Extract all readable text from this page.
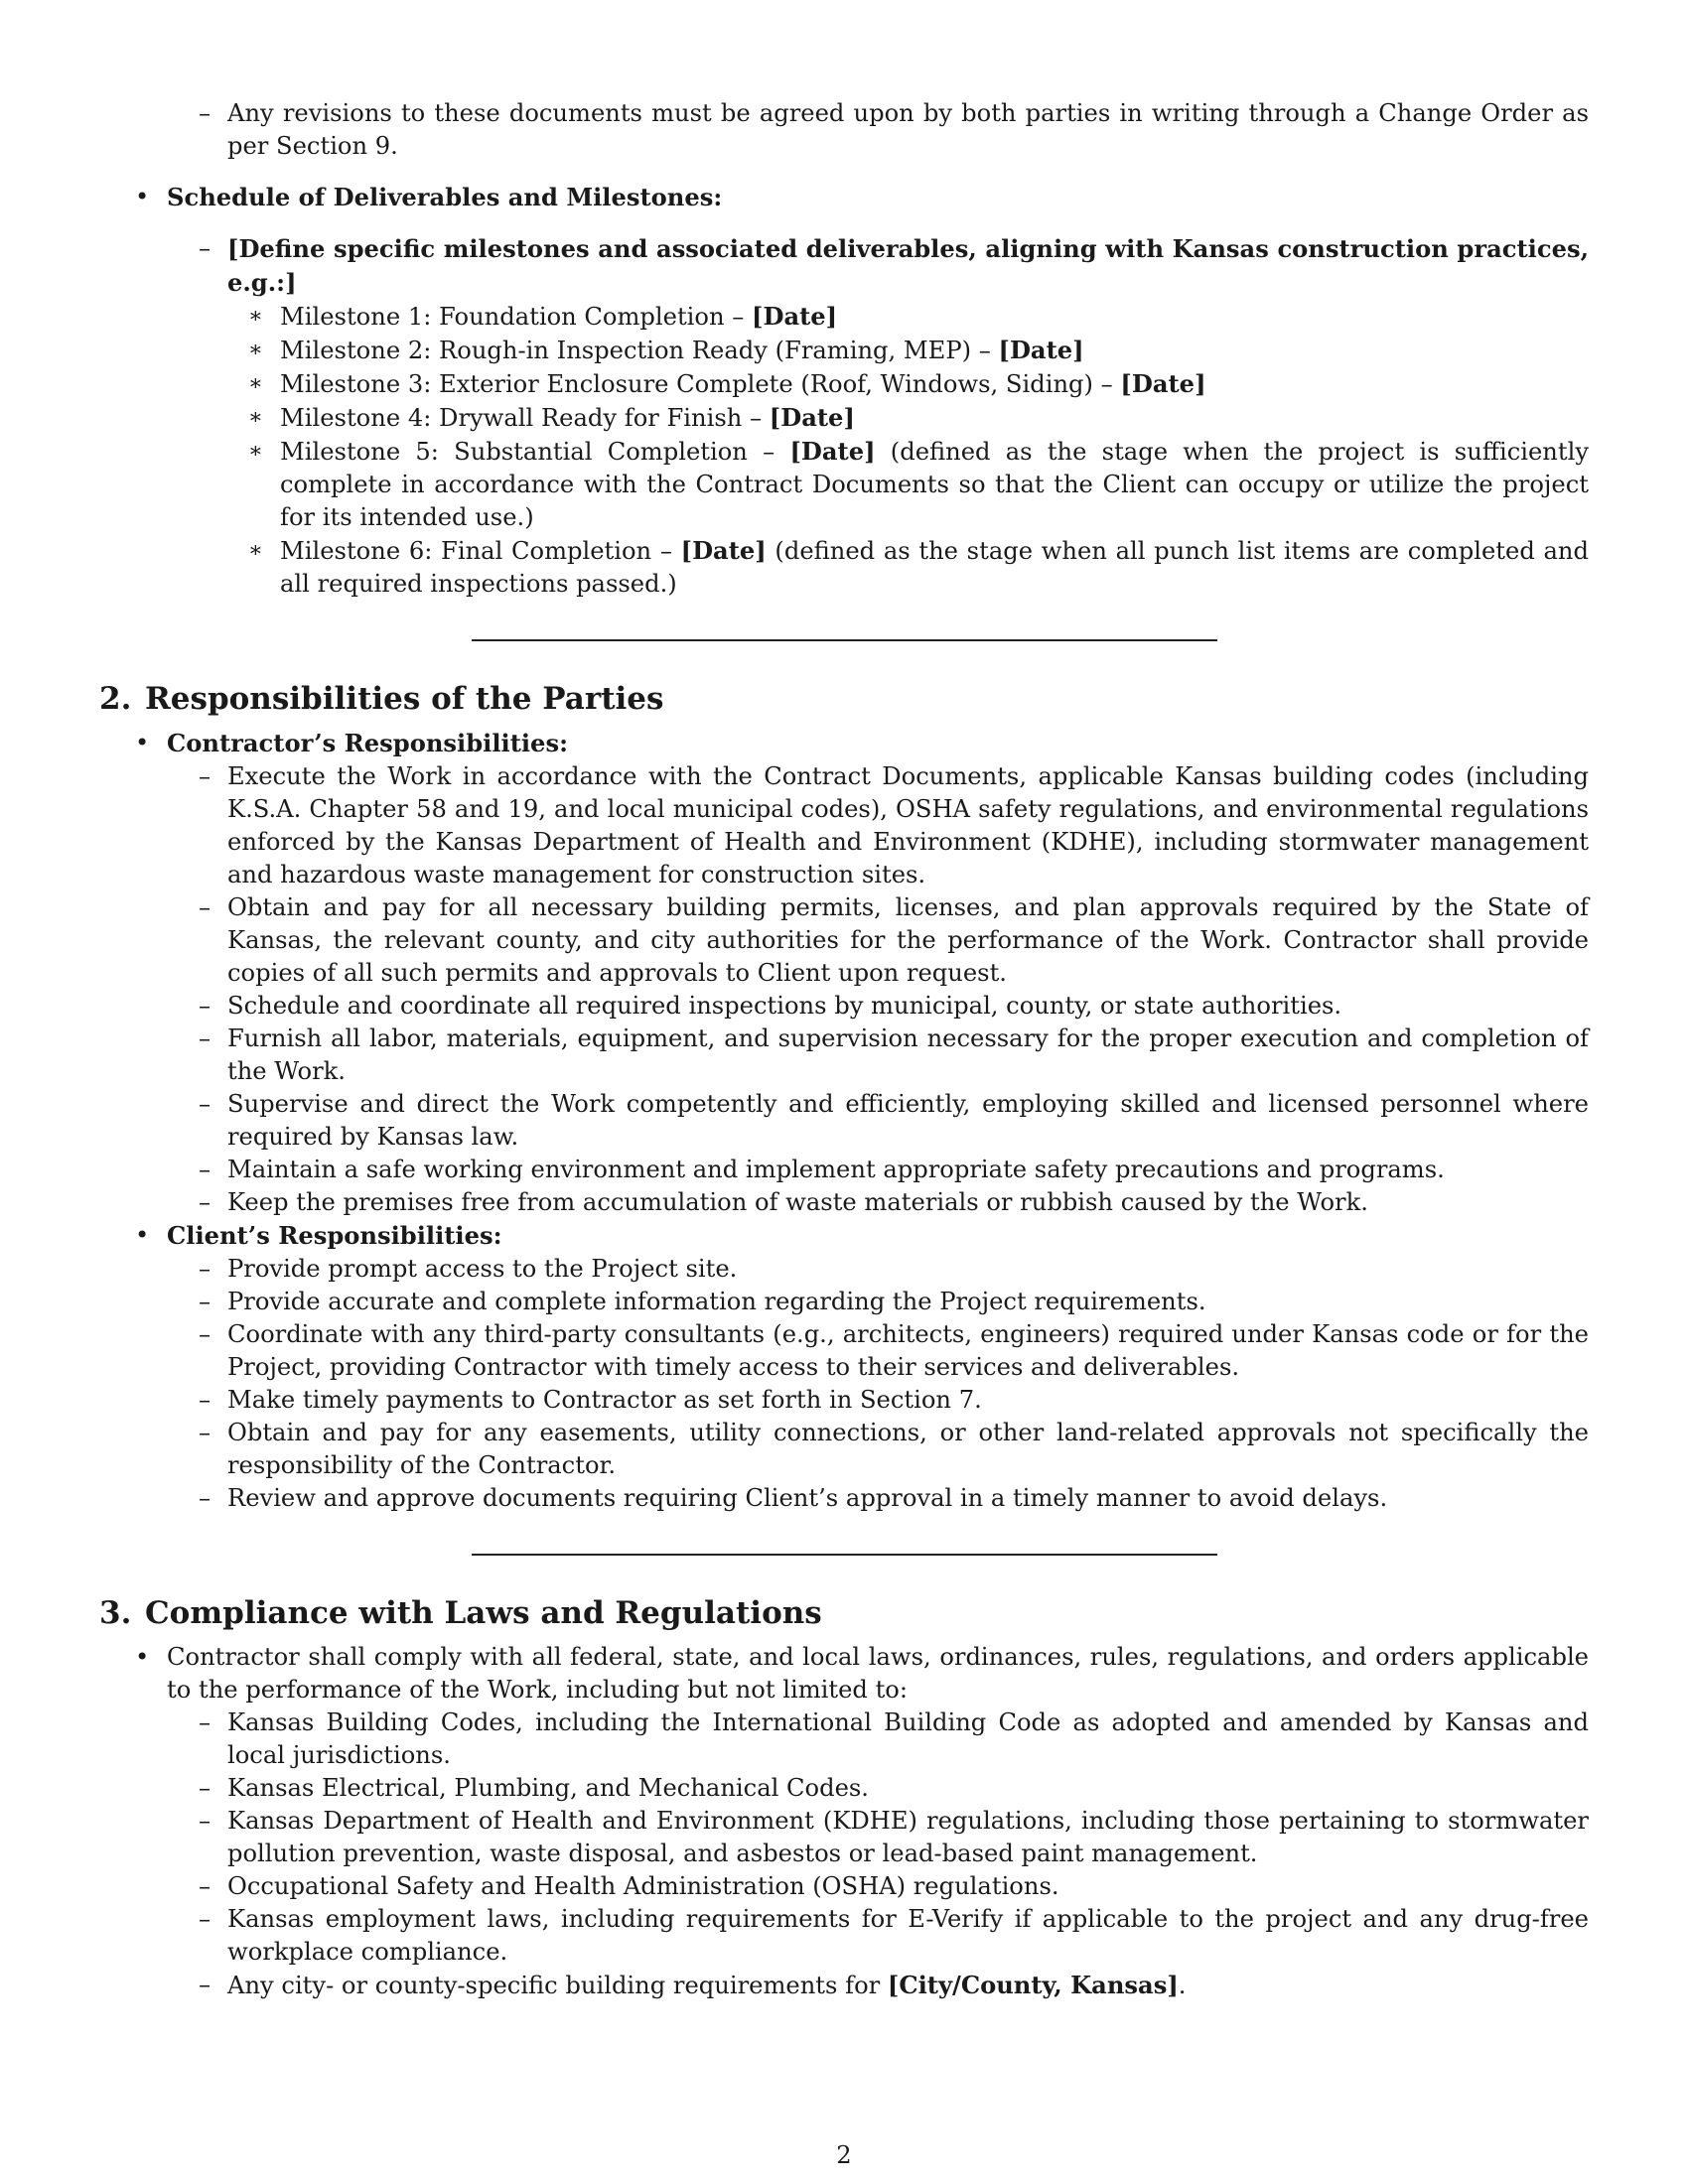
– Any revisions to these documents must be agreed upon by both parties in writing through a Change Order as per Section 9.
• Schedule of Deliverables and Milestones:
– [Define specific milestones and associated deliverables, aligning with Kansas construction practices, e.g.:]
∗ Milestone 1: Foundation Completion – [Date]
∗ Milestone 2: Rough-in Inspection Ready (Framing, MEP) – [Date]
∗ Milestone 3: Exterior Enclosure Complete (Roof, Windows, Siding) – [Date]
∗ Milestone 4: Drywall Ready for Finish – [Date]
∗ Milestone 5: Substantial Completion – [Date] (defined as the stage when the project is sufficiently complete in accordance with the Contract Documents so that the Client can occupy or utilize the project for its intended use.)
∗ Milestone 6: Final Completion – [Date] (defined as the stage when all punch list items are completed and all required inspections passed.)
2. Responsibilities of the Parties
• Contractor’s Responsibilities:
– Execute the Work in accordance with the Contract Documents, applicable Kansas building codes (including K.S.A. Chapter 58 and 19, and local municipal codes), OSHA safety regulations, and environmental regulations enforced by the Kansas Department of Health and Environment (KDHE), including stormwater management and hazardous waste management for construction sites.
– Obtain and pay for all necessary building permits, licenses, and plan approvals required by the State of Kansas, the relevant county, and city authorities for the performance of the Work. Contractor shall provide copies of all such permits and approvals to Client upon request.
– Schedule and coordinate all required inspections by municipal, county, or state authorities.
– Furnish all labor, materials, equipment, and supervision necessary for the proper execution and completion of the Work.
– Supervise and direct the Work competently and efficiently, employing skilled and licensed personnel where required by Kansas law.
– Maintain a safe working environment and implement appropriate safety precautions and programs.
– Keep the premises free from accumulation of waste materials or rubbish caused by the Work.
• Client’s Responsibilities:
– Provide prompt access to the Project site.
– Provide accurate and complete information regarding the Project requirements.
– Coordinate with any third-party consultants (e.g., architects, engineers) required under Kansas code or for the Project, providing Contractor with timely access to their services and deliverables.
– Make timely payments to Contractor as set forth in Section 7.
– Obtain and pay for any easements, utility connections, or other land-related approvals not specifically the responsibility of the Contractor.
– Review and approve documents requiring Client’s approval in a timely manner to avoid delays.
3. Compliance with Laws and Regulations
• Contractor shall comply with all federal, state, and local laws, ordinances, rules, regulations, and orders applicable to the performance of the Work, including but not limited to:
– Kansas Building Codes, including the International Building Code as adopted and amended by Kansas and local jurisdictions.
– Kansas Electrical, Plumbing, and Mechanical Codes.
– Kansas Department of Health and Environment (KDHE) regulations, including those pertaining to stormwater pollution prevention, waste disposal, and asbestos or lead-based paint management.
– Occupational Safety and Health Administration (OSHA) regulations.
– Kansas employment laws, including requirements for E-Verify if applicable to the project and any drug-free workplace compliance.
– Any city- or county-specific building requirements for [City/County, Kansas].
2
